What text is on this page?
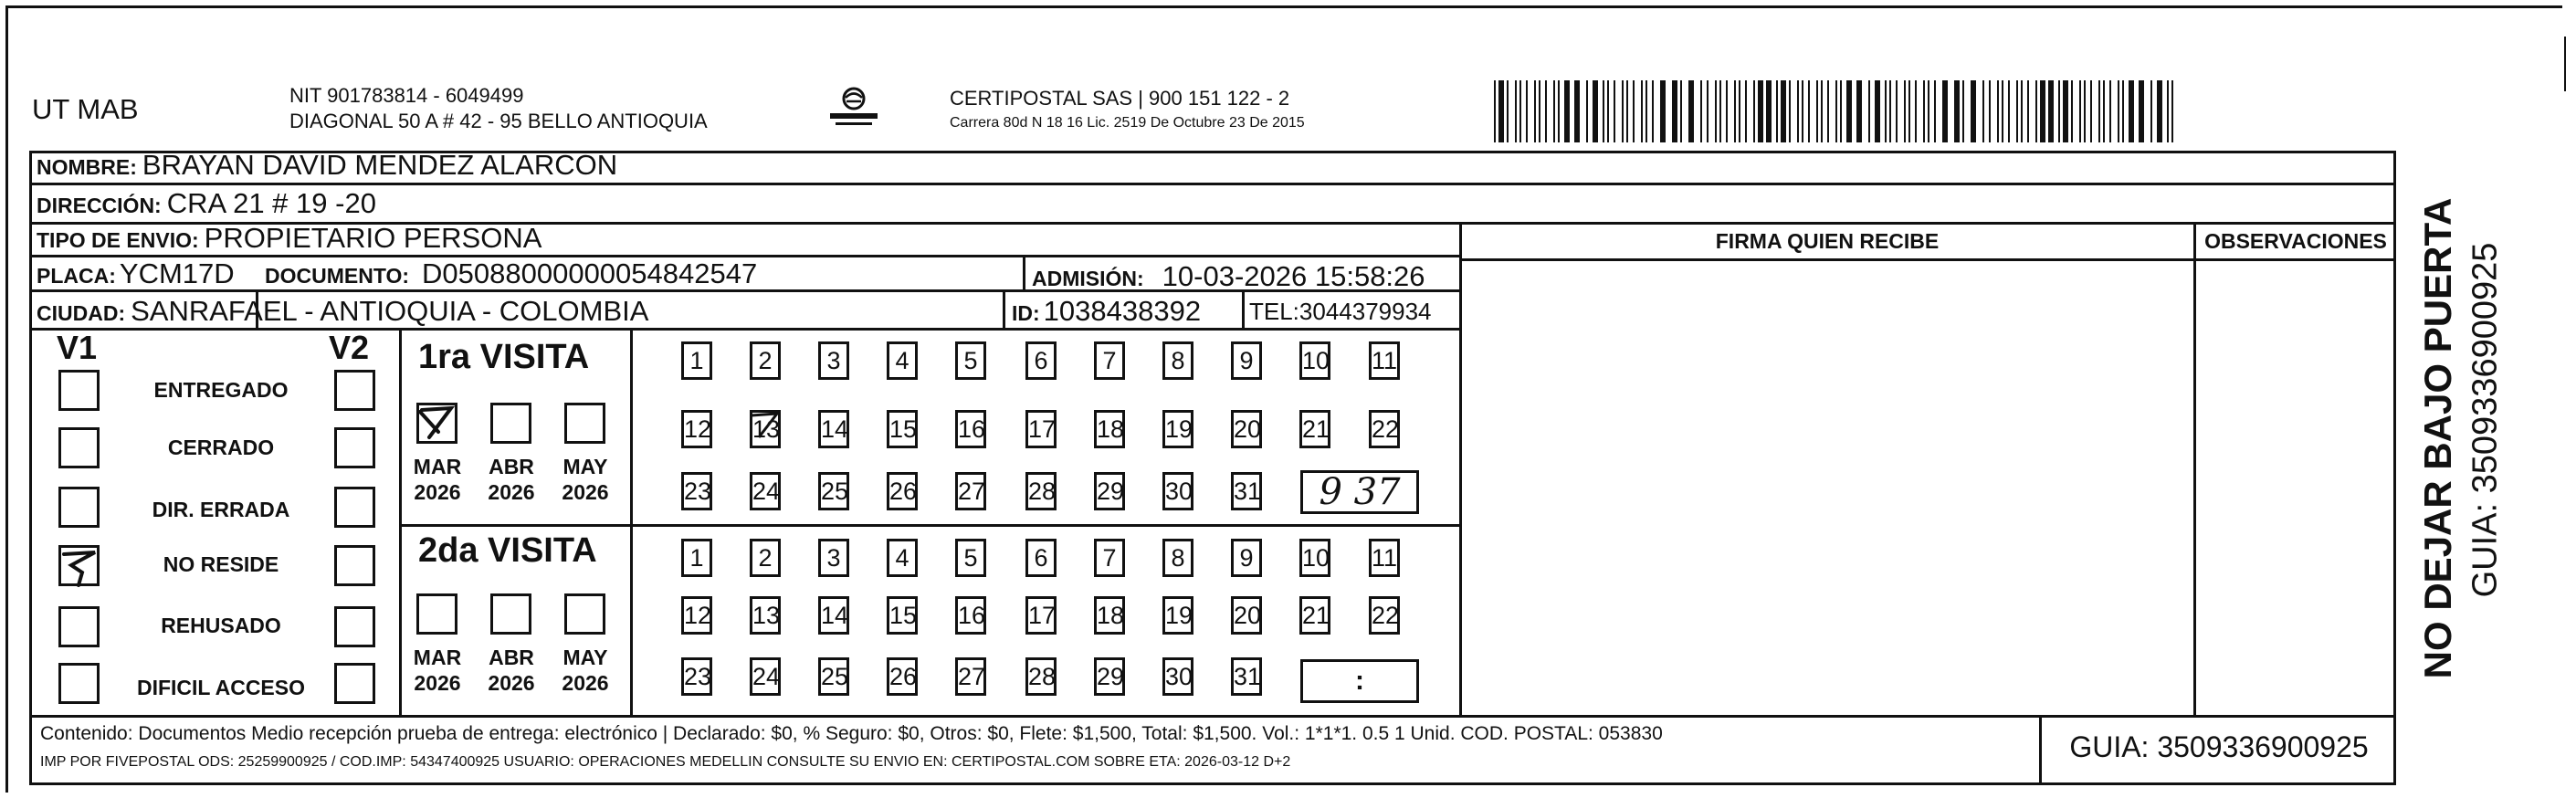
UT MAB	NIT 901783814 - 6049499
DIAGONAL 50 A # 42 - 95 BELLO ANTIOQUIA
CERTIPOSTAL SAS | 900 151 122 - 2
Carrera 80d N 18 16 Lic. 2519 De Octubre 23 De 2015
NOMBRE: BRAYAN DAVID MENDEZ ALARCON
DIRECCIÓN: CRA 21 # 19 -20
TIPO DE ENVIO: PROPIETARIO PERSONA
PLACA: YCM17D DOCUMENTO: D05088000000054842547	ADMISIÓN: 10-03-2026 15:58:26
CIUDAD: SANRAFAEL - ANTIOQUIA - COLOMBIA	ID: 1038438392 TEL:3044379934
FIRMA QUIEN RECIBE	OBSERVACIONES
V1	V2
ENTREGADO
CERRADO
DIR. ERRADA
NO RESIDE
REHUSADO
DIFICIL ACCESO
1ra VISITA
MAR
2026
ABR
2026
MAY
2026
1	2	3	4	5	6	7	8	9	10 11
12 13 14 15 16 17 18 19 20 21 22
23 24 25 26 27 28 29 30 31	9 37
2da VISITA
MAR
2026
ABR
2026
MAY
2026
1	2	3	4	5	6	7	8	9	10 11
12 13 14 15 16 17 18 19 20 21 22
23 24 25 26 27 28 29 30 31	:
Contenido: Documentos Medio recepción prueba de entrega: electrónico | Declarado: $0, % Seguro: $0, Otros: $0, Flete: $1,500, Total: $1,500. Vol.: 1*1*1. 0.5 1 Unid. COD. POSTAL: 053830
IMP POR FIVEPOSTAL ODS: 25259900925 / COD.IMP: 54347400925 USUARIO: OPERACIONES MEDELLIN CONSULTE SU ENVIO EN: CERTIPOSTAL.COM SOBRE ETA: 2026-03-12 D+2	GUIA: 3509336900925
NO DEJAR BAJO PUERTA GUIA: 3509336900925
